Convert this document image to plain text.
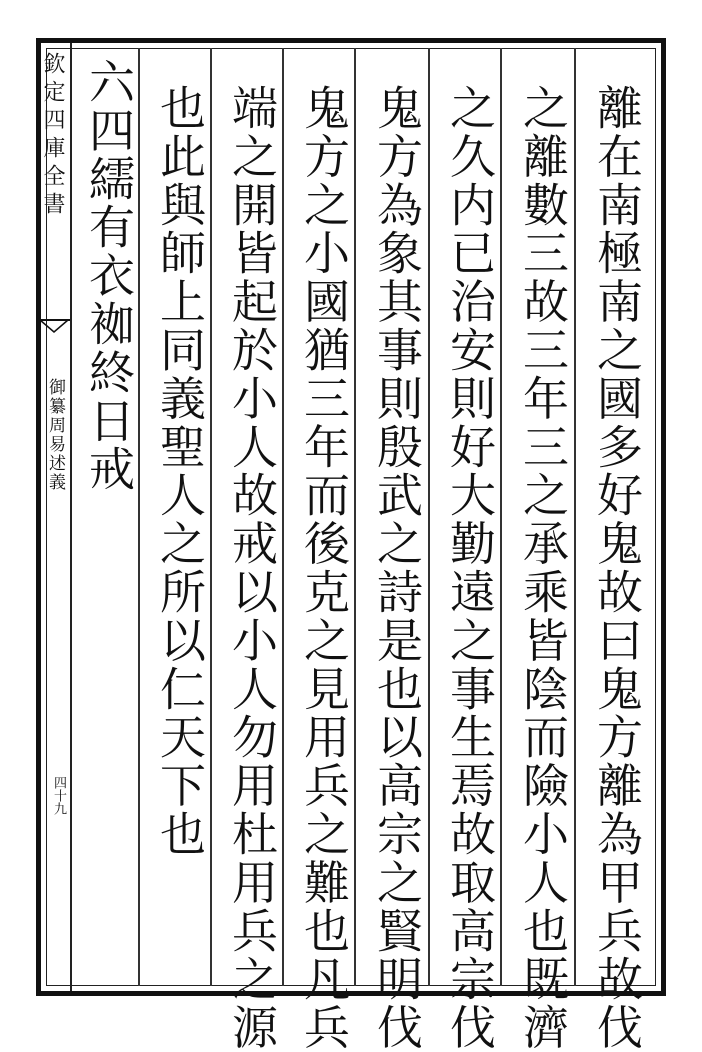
欽定四庫全書
御纂周易述義
四十九	離在南極南之國多好鬼故曰鬼方離為甲兵故伐
之離數三故三年三之承乘皆陰而險小人也既濟
之久内已治安則好大勤遠之事生焉故取高宗伐
鬼方為象其事則殷武之詩是也以高宗之賢明伐
鬼方之小國猶三年而後克之見用兵之難也凡兵
端之開皆起於小人故戒以小人勿用杜用兵之源
也此與師上同義聖人之所以仁天下也
六四繻有衣袽終日戒
